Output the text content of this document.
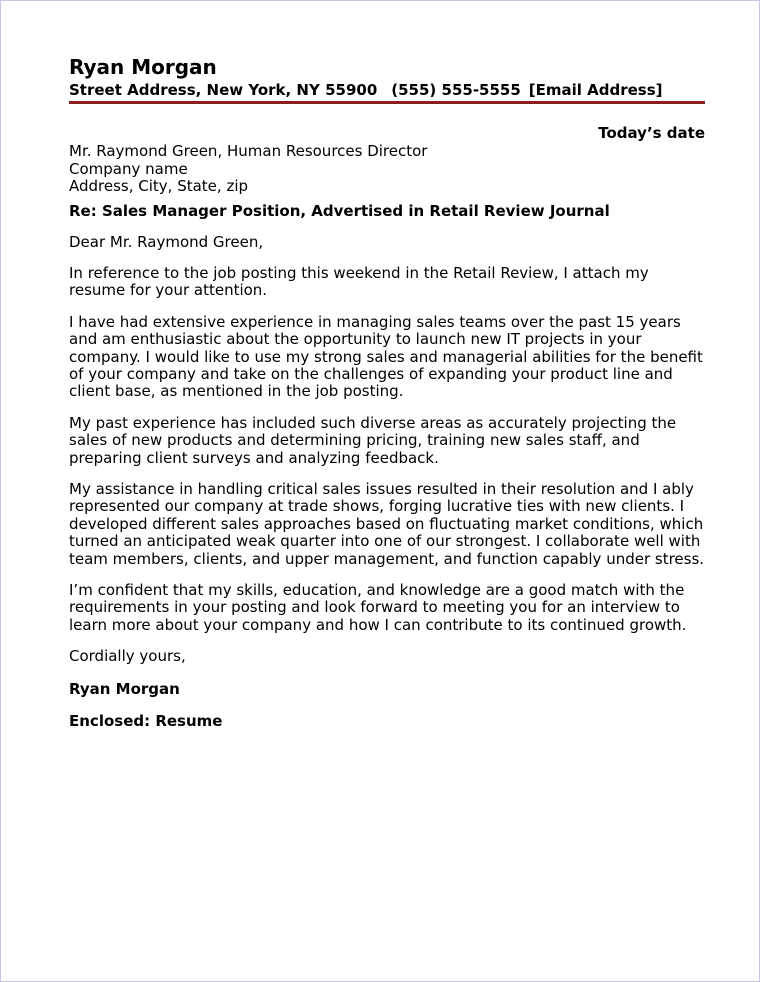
Ryan Morgan
Street Address, New York, NY 55900 (555) 555-5555 [Email Address]
Today’s date
Mr. Raymond Green, Human Resources Director
Company name
Address, City, State, zip
Re: Sales Manager Position, Advertised in Retail Review Journal

Dear Mr. Raymond Green,

In reference to the job posting this weekend in the Retail Review, I attach my resume for your attention.

I have had extensive experience in managing sales teams over the past 15 years and am enthusiastic about the opportunity to launch new IT projects in your company. I would like to use my strong sales and managerial abilities for the benefit of your company and take on the challenges of expanding your product line and client base, as mentioned in the job posting.

My past experience has included such diverse areas as accurately projecting the sales of new products and determining pricing, training new sales staff, and preparing client surveys and analyzing feedback.

My assistance in handling critical sales issues resulted in their resolution and I ably represented our company at trade shows, forging lucrative ties with new clients. I developed different sales approaches based on fluctuating market conditions, which turned an anticipated weak quarter into one of our strongest. I collaborate well with team members, clients, and upper management, and function capably under stress.

I’m confident that my skills, education, and knowledge are a good match with the requirements in your posting and look forward to meeting you for an interview to learn more about your company and how I can contribute to its continued growth.

Cordially yours,

Ryan Morgan

Enclosed: Resume
